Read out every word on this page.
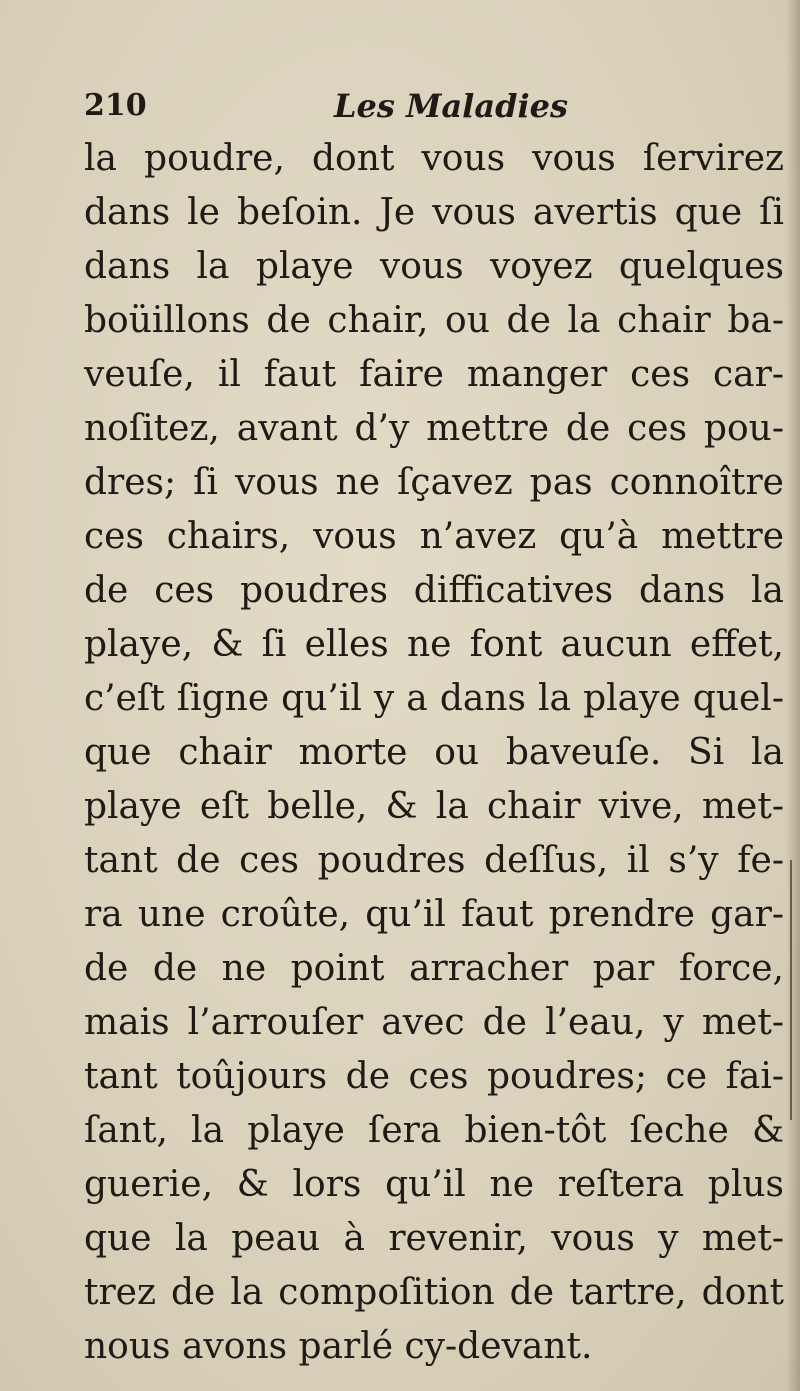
210	Les Maladies
la poudre, dont vous vous ſervirez
dans le beſoin. Je vous avertis que ſi
dans la playe vous voyez quelques
boüillons de chair, ou de la chair ba-
veuſe, il faut faire manger ces car-
noſitez, avant d’y mettre de ces pou-
dres; ſi vous ne ſçavez pas connoître
ces chairs, vous n’avez qu’à mettre
de ces poudres difficatives dans la
playe, & ſi elles ne font aucun effet,
c’eſt ſigne qu’il y a dans la playe quel-
que chair morte ou baveuſe. Si la
playe eſt belle, & la chair vive, met-
tant de ces poudres deſſus, il s’y fe-
ra une croûte, qu’il faut prendre gar-
de de ne point arracher par force,
mais l’arrouſer avec de l’eau, y met-
tant toûjours de ces poudres; ce fai-
ſant, la playe ſera bien-tôt ſeche &
guerie, & lors qu’il ne reſtera plus
que la peau à revenir, vous y met-
trez de la compoſition de tartre, dont
nous avons parlé cy-devant.
